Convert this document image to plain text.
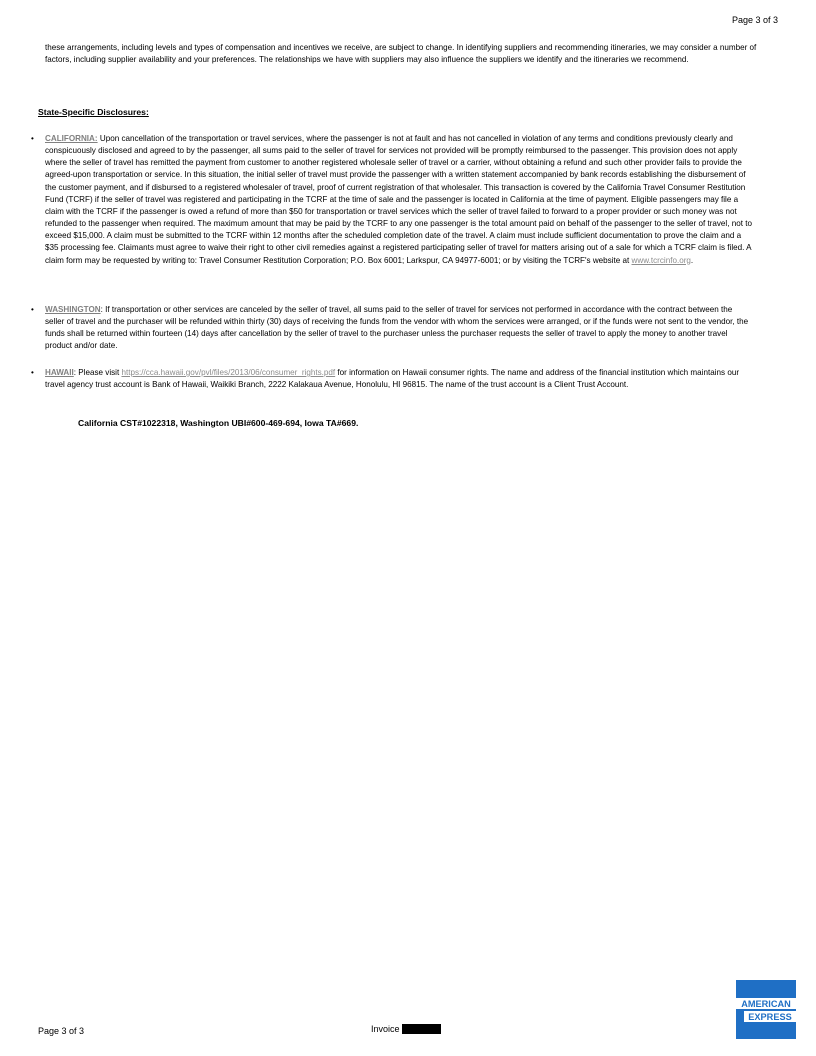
Page 3 of 3

these arrangements, including levels and types of compensation and incentives we receive, are subject to change. In identifying suppliers and recommending itineraries, we may consider a number of factors, including supplier availability and your preferences. The relationships we have with suppliers may also influence the suppliers we identify and the itineraries we recommend.

State-Specific Disclosures:

• CALIFORNIA: Upon cancellation of the transportation or travel services, where the passenger is not at fault and has not cancelled in violation of any terms and conditions previously clearly and conspicuously disclosed and agreed to by the passenger, all sums paid to the seller of travel for services not provided will be promptly reimbursed to the passenger. This provision does not apply where the seller of travel has remitted the payment from customer to another registered wholesale seller of travel or a carrier, without obtaining a refund and such other provider fails to provide the agreed-upon transportation or service. In this situation, the initial seller of travel must provide the passenger with a written statement accompanied by bank records establishing the disbursement of the customer payment, and if disbursed to a registered wholesaler of travel, proof of current registration of that wholesaler. This transaction is covered by the California Travel Consumer Restitution Fund (TCRF) if the seller of travel was registered and participating in the TCRF at the time of sale and the passenger is located in California at the time of payment. Eligible passengers may file a claim with the TCRF if the passenger is owed a refund of more than $50 for transportation or travel services which the seller of travel failed to forward to a proper provider or such money was not refunded to the passenger when required. The maximum amount that may be paid by the TCRF to any one passenger is the total amount paid on behalf of the passenger to the seller of travel, not to exceed $15,000. A claim must be submitted to the TCRF within 12 months after the scheduled completion date of the travel. A claim must include sufficient documentation to prove the claim and a $35 processing fee. Claimants must agree to waive their right to other civil remedies against a registered participating seller of travel for matters arising out of a sale for which a TCRF claim is filed. A claim form may be requested by writing to: Travel Consumer Restitution Corporation; P.O. Box 6001; Larkspur, CA 94977-6001; or by visiting the TCRF's website at www.tcrcinfo.org.

• WASHINGTON: If transportation or other services are canceled by the seller of travel, all sums paid to the seller of travel for services not performed in accordance with the contract between the seller of travel and the purchaser will be refunded within thirty (30) days of receiving the funds from the vendor with whom the services were arranged, or if the funds were not sent to the vendor, the funds shall be returned within fourteen (14) days after cancellation by the seller of travel to the purchaser unless the purchaser requests the seller of travel to apply the money to another travel product and/or date.

• HAWAII: Please visit https://cca.hawaii.gov/pvl/files/2013/06/consumer_rights.pdf for information on Hawaii consumer rights. The name and address of the financial institution which maintains our travel agency trust account is Bank of Hawaii, Waikiki Branch, 2222 Kalakaua Avenue, Honolulu, HI 96815. The name of the trust account is a Client Trust Account.

California CST#1022318, Washington UBI#600-469-694, Iowa TA#669.
Page 3 of 3	Invoice
AMERICAN
EXPRESS
